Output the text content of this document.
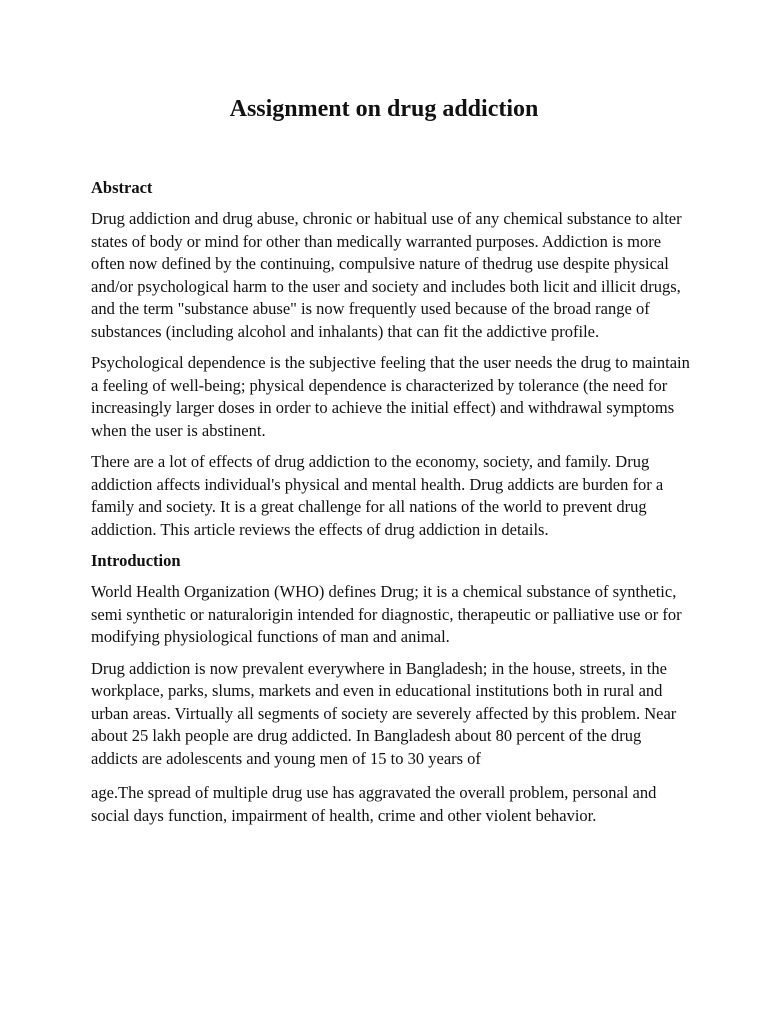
Assignment on drug addiction
Abstract

Drug addiction and drug abuse, chronic or habitual use of any chemical substance to alter states of body or mind for other than medically warranted purposes. Addiction is more often now defined by the continuing, compulsive nature of thedrug use despite physical and/or psychological harm to the user and society and includes both licit and illicit drugs, and the term "substance abuse" is now frequently used because of the broad range of substances (including alcohol and inhalants) that can fit the addictive profile.

Psychological dependence is the subjective feeling that the user needs the drug to maintain a feeling of well-being; physical dependence is characterized by tolerance (the need for increasingly larger doses in order to achieve the initial effect) and withdrawal symptoms when the user is abstinent.

There are a lot of effects of drug addiction to the economy, society, and family. Drug addiction affects individual's physical and mental health. Drug addicts are burden for a family and society. It is a great challenge for all nations of the world to prevent drug addiction. This article reviews the effects of drug addiction in details.

Introduction

World Health Organization (WHO) defines Drug; it is a chemical substance of synthetic, semi synthetic or naturalorigin intended for diagnostic, therapeutic or palliative use or for modifying physiological functions of man and animal.

Drug addiction is now prevalent everywhere in Bangladesh; in the house, streets, in the workplace, parks, slums, markets and even in educational institutions both in rural and urban areas. Virtually all segments of society are severely affected by this problem. Near about 25 lakh people are drug addicted. In Bangladesh about 80 percent of the drug addicts are adolescents and young men of 15 to 30 years of

age.The spread of multiple drug use has aggravated the overall problem, personal and social days function, impairment of health, crime and other violent behavior.
